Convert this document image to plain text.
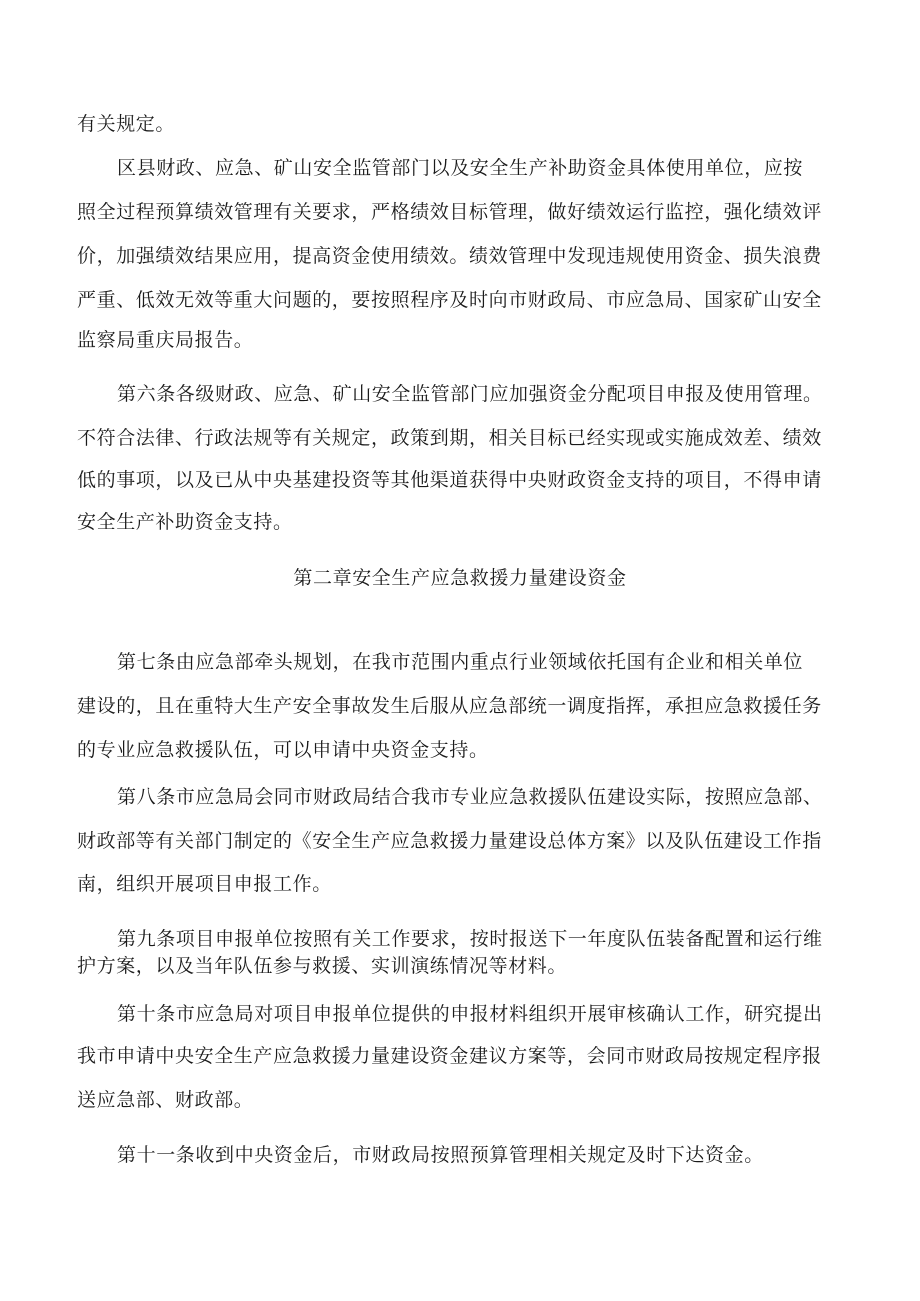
有关规定。
区县财政、应急、矿山安全监管部门以及安全生产补助资金具体使用单位，应按
照全过程预算绩效管理有关要求，严格绩效目标管理，做好绩效运行监控，强化绩效评
价，加强绩效结果应用，提高资金使用绩效。绩效管理中发现违规使用资金、损失浪费
严重、低效无效等重大问题的，要按照程序及时向市财政局、市应急局、国家矿山安全
监察局重庆局报告。
第六条各级财政、应急、矿山安全监管部门应加强资金分配项目申报及使用管理。
不符合法律、行政法规等有关规定，政策到期，相关目标已经实现或实施成效差、绩效
低的事项，以及已从中央基建投资等其他渠道获得中央财政资金支持的项目，不得申请
安全生产补助资金支持。
第二章安全生产应急救援力量建设资金
第七条由应急部牵头规划，在我市范围内重点行业领域依托国有企业和相关单位
建设的，且在重特大生产安全事故发生后服从应急部统一调度指挥，承担应急救援任务
的专业应急救援队伍，可以申请中央资金支持。
第八条市应急局会同市财政局结合我市专业应急救援队伍建设实际，按照应急部、
财政部等有关部门制定的《安全生产应急救援力量建设总体方案》以及队伍建设工作指
南，组织开展项目申报工作。
第九条项目申报单位按照有关工作要求，按时报送下一年度队伍装备配置和运行维
护方案，以及当年队伍参与救援、实训演练情况等材料。
第十条市应急局对项目申报单位提供的申报材料组织开展审核确认工作，研究提出
我市申请中央安全生产应急救援力量建设资金建议方案等，会同市财政局按规定程序报
送应急部、财政部。
第十一条收到中央资金后，市财政局按照预算管理相关规定及时下达资金。
